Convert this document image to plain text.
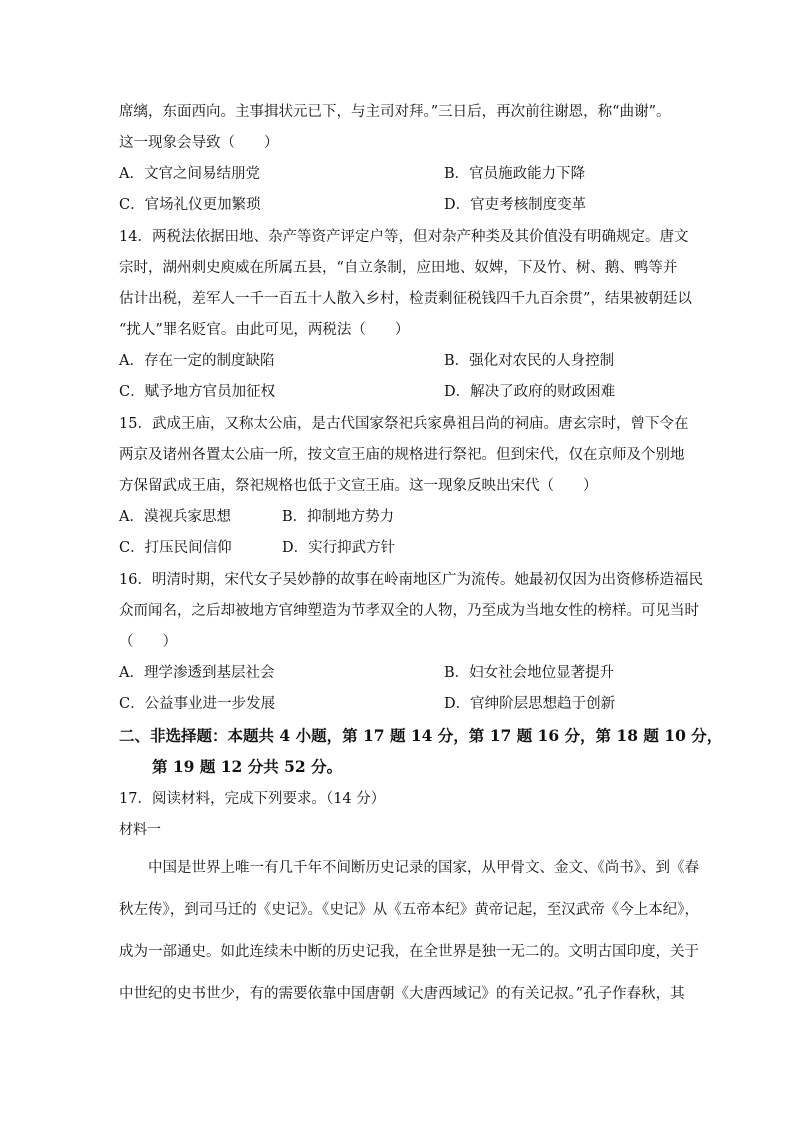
席缡，东面西向。主事揖状元已下，与主司对拜。”三日后，再次前往谢恩，称“曲谢”。
这一现象会导致（　　）
A．文官之间易结朋党	B．官员施政能力下降
C．官场礼仪更加繁琐	D．官吏考核制度变革
14．两税法依据田地、杂产等资产评定户等，但对杂产种类及其价值没有明确规定。唐文
宗时，湖州刺史庾威在所属五县，“自立条制，应田地、奴婢，下及竹、树、鹅、鸭等并
估计出税，差军人一千一百五十人散入乡村，检责剩征税钱四千九百余贯”，结果被朝廷以
“扰人”罪名贬官。由此可见，两税法（　　）
A．存在一定的制度缺陷	B．强化对农民的人身控制
C．赋予地方官员加征权	D．解决了政府的财政困难
15．武成王庙，又称太公庙，是古代国家祭祀兵家鼻祖吕尚的祠庙。唐玄宗时，曾下令在
两京及诸州各置太公庙一所，按文宣王庙的规格进行祭祀。但到宋代，仅在京师及个别地
方保留武成王庙，祭祀规格也低于文宣王庙。这一现象反映出宋代（　　）
A．漠视兵家思想	B．抑制地方势力
C．打压民间信仰	D．实行抑武方针
16．明清时期，宋代女子吴妙静的故事在岭南地区广为流传。她最初仅因为出资修桥造福民
众而闻名，之后却被地方官绅塑造为节孝双全的人物，乃至成为当地女性的榜样。可见当时
（　　）
A．理学渗透到基层社会	B．妇女社会地位显著提升
C．公益事业进一步发展	D．官绅阶层思想趋于创新
二、非选择题：本题共 4 小题，第 17 题 14 分，第 17 题 16 分，第 18 题 10 分，
第 19 题 12 分共 52 分。
17．阅读材料，完成下列要求。（14 分）
材料一
　　中国是世界上唯一有几千年不间断历史记录的国家，从甲骨文、金文、《尚书》、到《春
秋左传》，到司马迁的《史记》。《史记》从《五帝本纪》黄帝记起，至汉武帝《今上本纪》，
成为一部通史。如此连续未中断的历史记我，在全世界是独一无二的。文明古国印度，关于
中世纪的史书世少，有的需要依靠中国唐朝《大唐西域记》的有关记叔。”孔子作春秋，其
